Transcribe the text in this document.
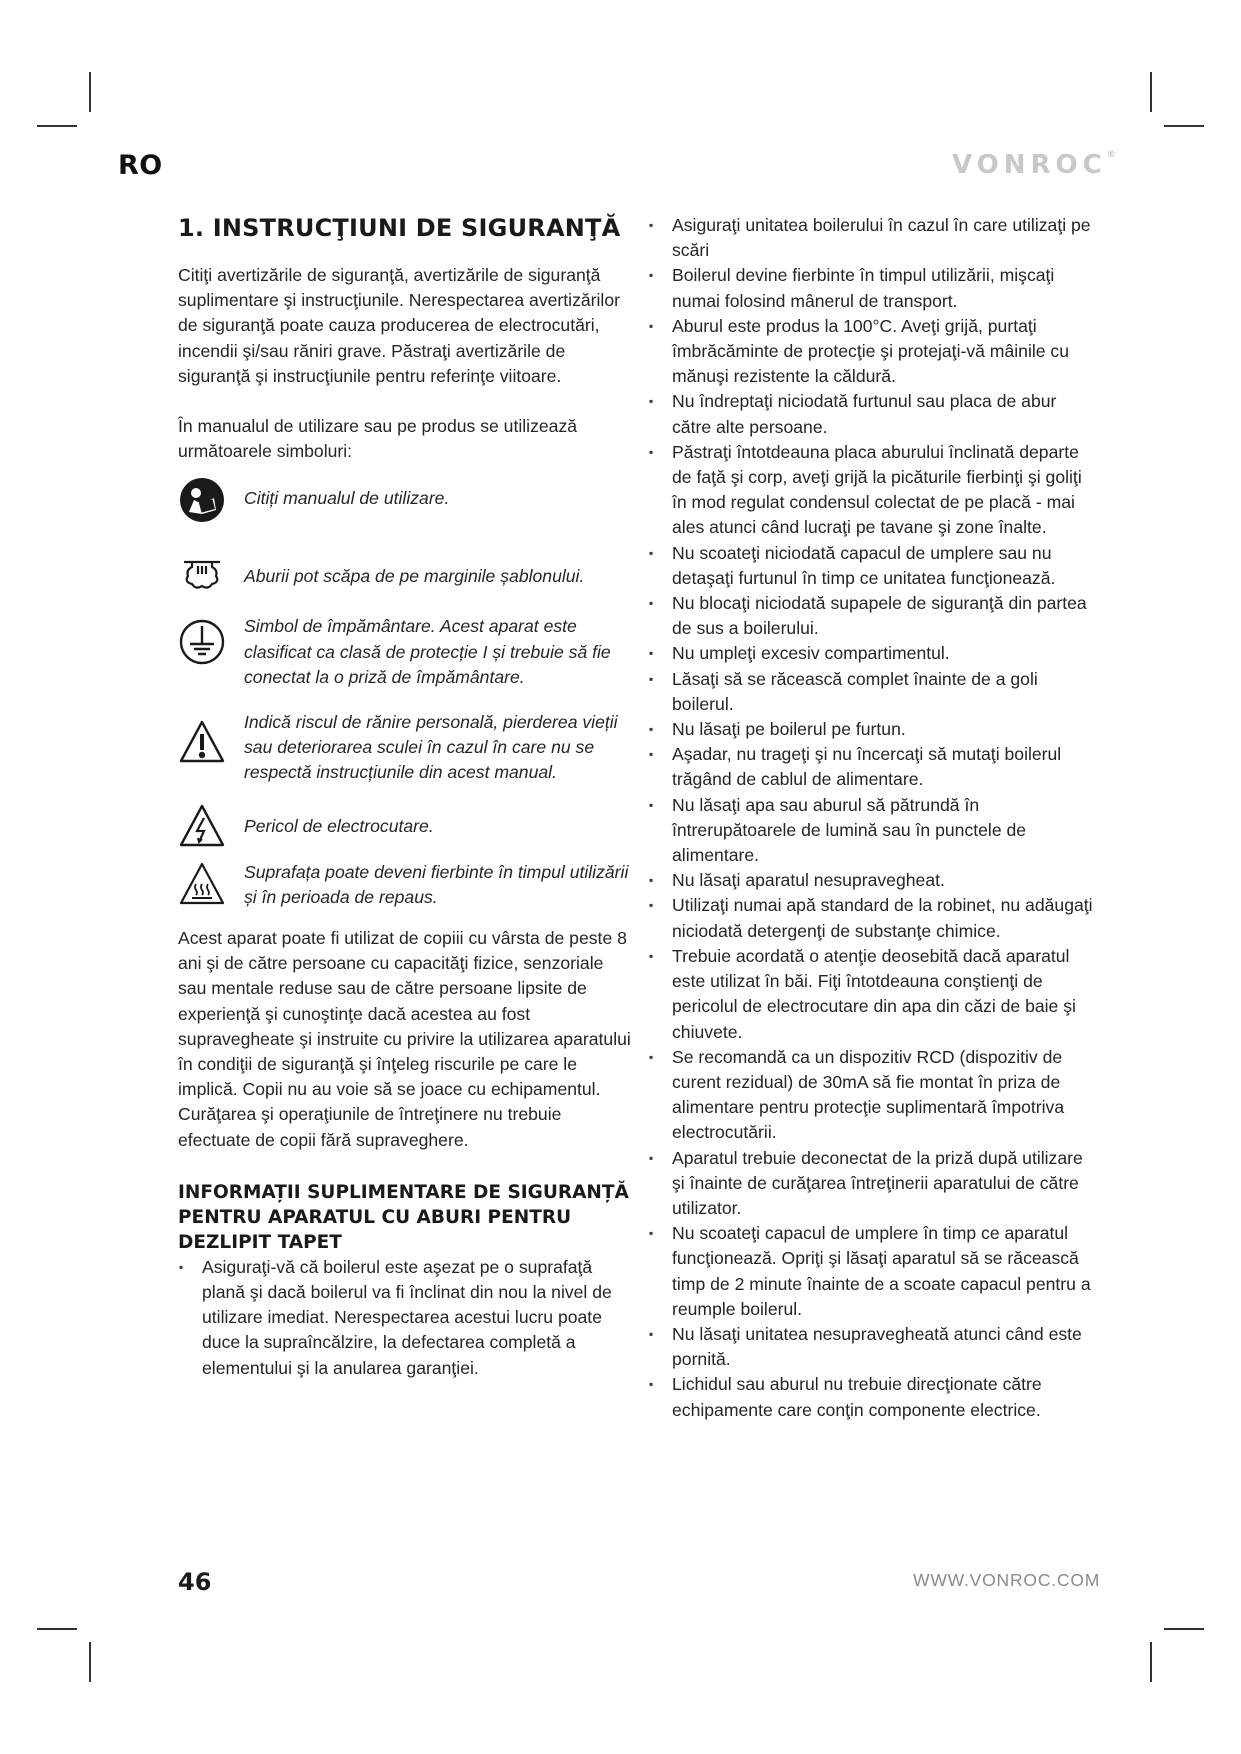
RO	VONROC®
1. INSTRUCŢIUNI DE SIGURANŢĂ

Citiţi avertizările de siguranţă, avertizările de siguranţă suplimentare şi instrucţiunile. Nerespectarea avertizărilor de siguranţă poate cauza producerea de electrocutări, incendii şi/sau răniri grave. Păstraţi avertizările de siguranţă şi instrucţiunile pentru referinţe viitoare.

În manualul de utilizare sau pe produs se utilizează următoarele simboluri:

Citiți manualul de utilizare.
Aburii pot scăpa de pe marginile șablonului.
Simbol de împământare. Acest aparat este clasificat ca clasă de protecție I și trebuie să fie conectat la o priză de împământare.
Indică riscul de rănire personală, pierderea vieții sau deteriorarea sculei în cazul în care nu se respectă instrucțiunile din acest manual.
Pericol de electrocutare.
Suprafața poate deveni fierbinte în timpul utilizării și în perioada de repaus.

Acest aparat poate fi utilizat de copiii cu vârsta de peste 8 ani şi de către persoane cu capacităţi fizice, senzoriale sau mentale reduse sau de către persoane lipsite de experienţă şi cunoştinţe dacă acestea au fost supravegheate şi instruite cu privire la utilizarea aparatului în condiţii de siguranţă şi înţeleg riscurile pe care le implică. Copii nu au voie să se joace cu echipamentul. Curăţarea şi operaţiunile de întreţinere nu trebuie efectuate de copii fără supraveghere.

INFORMAȚII SUPLIMENTARE DE SIGURANȚĂ PENTRU APARATUL CU ABURI PENTRU DEZLIPIT TAPET
▪ Asiguraţi-vă că boilerul este aşezat pe o suprafaţă plană şi dacă boilerul va fi înclinat din nou la nivel de utilizare imediat. Nerespectarea acestui lucru poate duce la supraîncălzire, la defectarea completă a elementului şi la anularea garanţiei.
▪ Asiguraţi unitatea boilerului în cazul în care utilizaţi pe scări
▪ Boilerul devine fierbinte în timpul utilizării, mişcaţi numai folosind mânerul de transport.
▪ Aburul este produs la 100°C. Aveţi grijă, purtaţi îmbrăcăminte de protecţie şi protejaţi-vă mâinile cu mănuşi rezistente la căldură.
▪ Nu îndreptaţi niciodată furtunul sau placa de abur către alte persoane.
▪ Păstraţi întotdeauna placa aburului înclinată departe de faţă şi corp, aveţi grijă la picăturile fierbinţi şi goliţi în mod regulat condensul colectat de pe placă - mai ales atunci când lucraţi pe tavane şi zone înalte.
▪ Nu scoateţi niciodată capacul de umplere sau nu detaşaţi furtunul în timp ce unitatea funcţionează.
▪ Nu blocaţi niciodată supapele de siguranţă din partea de sus a boilerului.
▪ Nu umpleţi excesiv compartimentul.
▪ Lăsaţi să se răcească complet înainte de a goli boilerul.
▪ Nu lăsaţi pe boilerul pe furtun.
▪ Aşadar, nu trageţi şi nu încercaţi să mutaţi boilerul trăgând de cablul de alimentare.
▪ Nu lăsaţi apa sau aburul să pătrundă în întrerupătoarele de lumină sau în punctele de alimentare.
▪ Nu lăsaţi aparatul nesupravegheat.
▪ Utilizaţi numai apă standard de la robinet, nu adăugaţi niciodată detergenţi de substanţe chimice.
▪ Trebuie acordată o atenţie deosebită dacă aparatul este utilizat în băi. Fiţi întotdeauna conştienţi de pericolul de electrocutare din apa din căzi de baie şi chiuvete.
▪ Se recomandă ca un dispozitiv RCD (dispozitiv de curent rezidual) de 30mA să fie montat în priza de alimentare pentru protecţie suplimentară împotriva electrocutării.
▪ Aparatul trebuie deconectat de la priză după utilizare şi înainte de curăţarea întreţinerii aparatului de către utilizator.
▪ Nu scoateţi capacul de umplere în timp ce aparatul funcţionează. Opriţi şi lăsaţi aparatul să se răcească timp de 2 minute înainte de a scoate capacul pentru a reumple boilerul.
▪ Nu lăsaţi unitatea nesupravegheată atunci când este pornită.
▪ Lichidul sau aburul nu trebuie direcţionate către echipamente care conţin componente electrice.
46	WWW.VONROC.COM
